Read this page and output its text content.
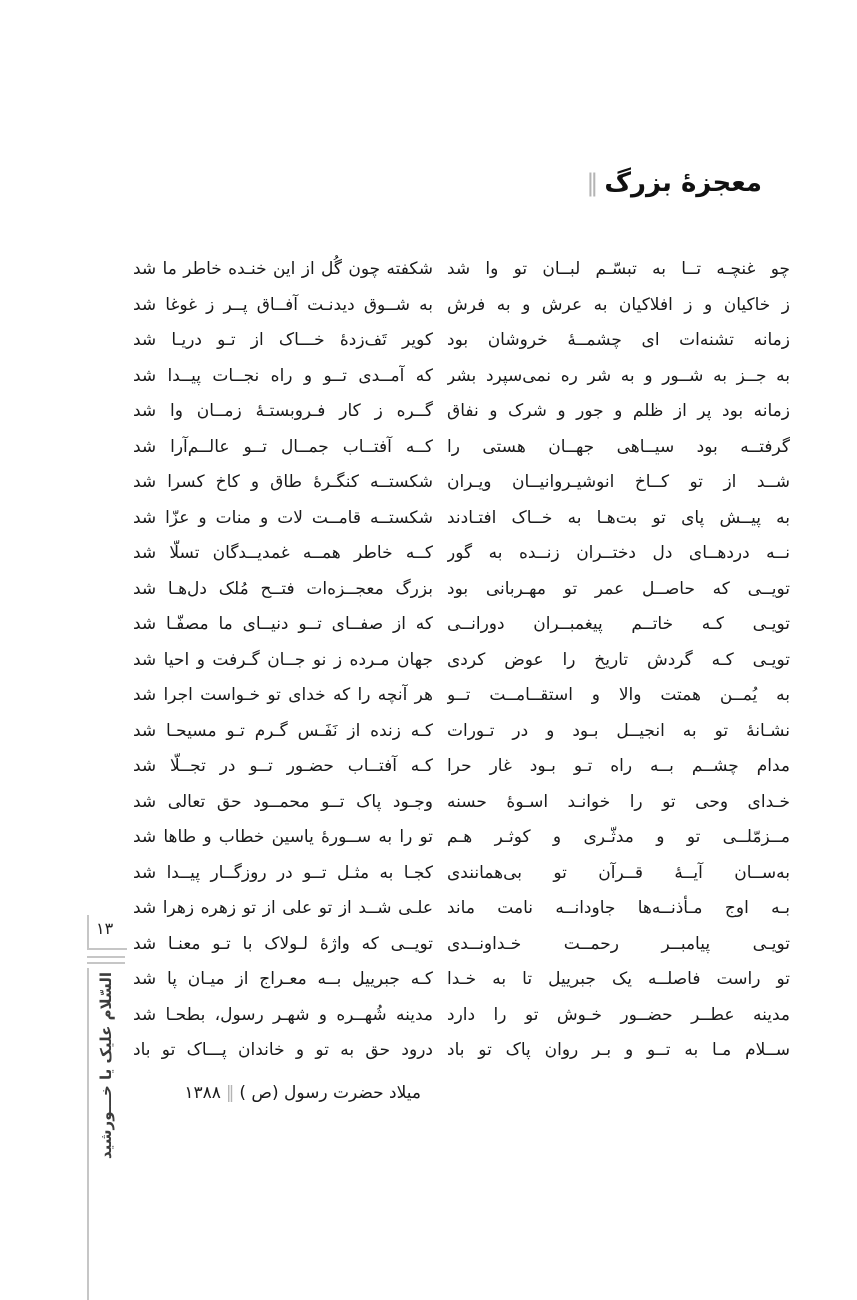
معجزۀ بزرگ‖
چو غنچـه تــا به تبسّـم لبــان تو وا شد
ز خاکیان و ز افلاکیان به عرش و به فرش
زمانه تشنه‌ات ای چشمــۀ خروشان بود
به جــز به شــور و به شر ره نمی‌سپرد بشر
زمانه بود پر از ظلم و جور و شرک و نفاق
گرفتــه بود سیــاهی جهــان هستی را
شــد از تو کــاخ انوشیـروانیــان ویـران
به پیــش پای تو بت‌هـا به خــاک افتـادند
نــه دردهــای دل دختــران زنــده به گور
تویــی که حاصــل عمر تو مهـربانی بود
تویـی کـه خاتــم پیغمبــران دورانــی
تویـی کـه گردش تاریخ را عوض کردی
به یُمــن همتت والا و استقــامــت تــو
نشـانۀ تو به انجیــل بـود و در تـورات
مدام چشــم بــه راه تـو بـود غار حرا
خـدای وحی تو را خوانـد اسـوۀ حسنه
مــزمّلــی تو و مدثّـری و کوثـر هـم
به‌ســان آیــۀ قــرآن تو بی‌همانندی
بـه اوج مـأذنــه‌ها جاودانــه نامت ماند
تویـی پیامبــر رحمــت خـداونــدی
تو راست فاصلــه یک جبرییل تا به خـدا
مدینه عطــر حضــور خـوش تو را دارد
ســلام مـا به تــو و بـر روان پاک تو باد
شکفته چون گُل از این خنـده خاطر ما شد
به شــوق دیدنـت آفــاق پــر ز غوغا شد
کویر تَف‌زدۀ خـــاک از تـو دریـا شد
که آمــدی تــو و راه نجــات پیــدا شد
گــره ز کار فـروبستـۀ زمــان وا شد
کــه آفتــاب جمــال تــو عالــم‌آرا شد
شکستــه کنگـرۀ طاق و کاخ کسرا شد
شکستــه قامــت لات و منات و عزّا شد
کــه خاطر همــه غمدیــدگان تسلّا شد
بزرگ معجــزه‌ات فتــح مُلک دل‌هـا شد
که از صفــای تــو دنیــای ما مصفّـا شد
جهان مـرده ز نو جــان گـرفت و احیا شد
هر آنچه را که خدای تو خـواست اجرا شد
کـه زنده از نَفَـس گـرم تـو مسیحـا شد
کـه آفتــاب حضـور تــو در تجــلّا شد
وجـود پاک تــو محمــود حق تعالی شد
تو را به ســورۀ یاسین خطاب و طاها شد
کجـا به مثـل تــو در روزگــار پیــدا شد
علـی شــد از تو علی از تو زهره زهرا شد
تویــی که واژۀ لـولاک با تـو معنـا شد
کـه جبرییل بــه معـراج از میـان پا شد
مدینه شُهــره و شهـر رسول، بطحـا شد
درود حق به تو و خاندان پـــاک تو باد
میلاد حضرت رسول (ص )‖۱۳۸۸
۱۳
السّلام علیک یا خـــورشید
